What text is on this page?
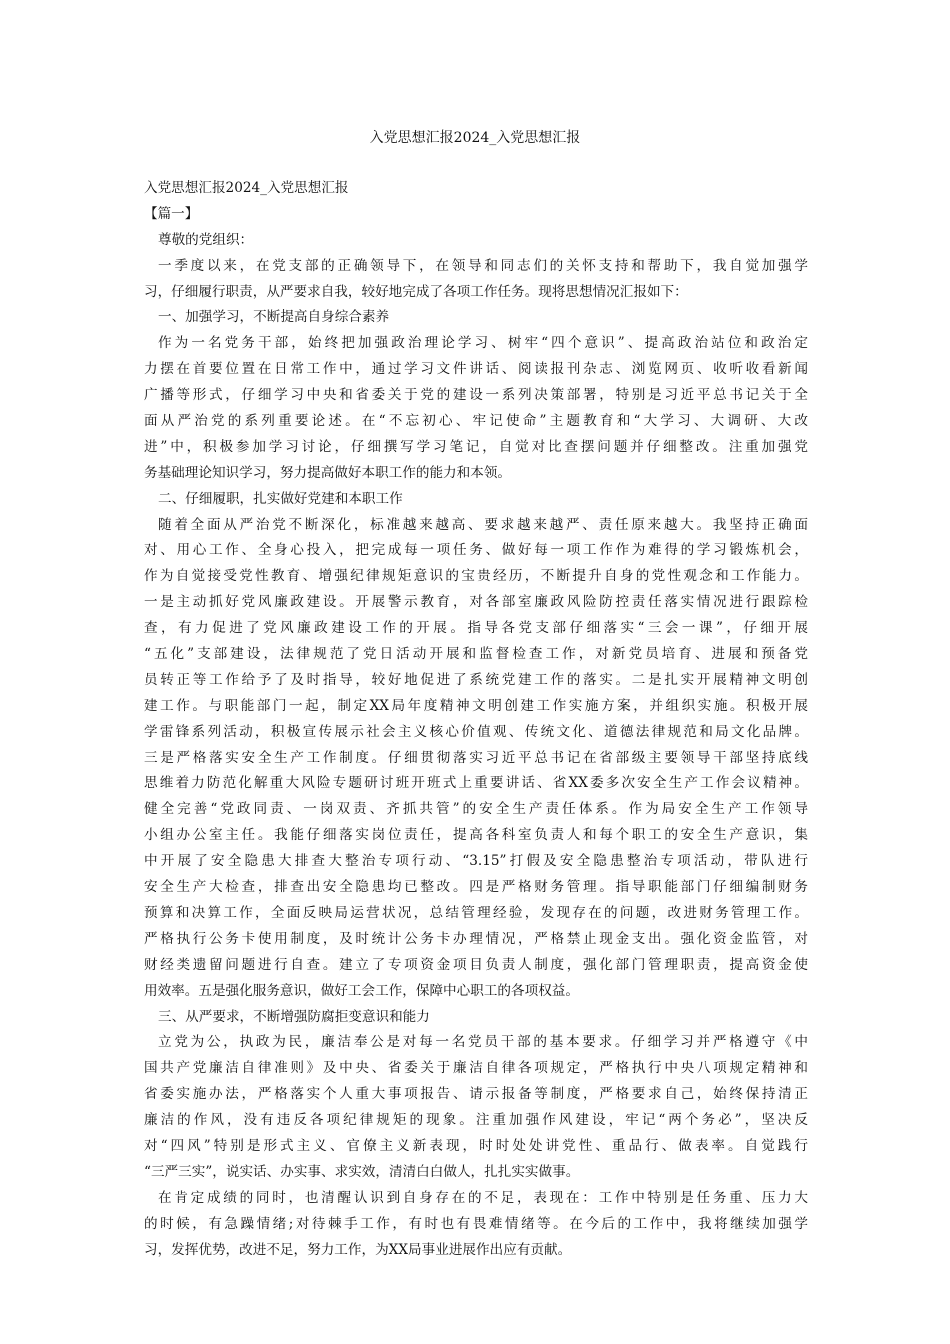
入党思想汇报2024_入党思想汇报
入党思想汇报2024_入党思想汇报
【篇一】
尊敬的党组织：
一季度以来，在党支部的正确领导下，在领导和同志们的关怀支持和帮助下，我自觉加强学
习，仔细履行职责，从严要求自我，较好地完成了各项工作任务。现将思想情况汇报如下：
一、加强学习，不断提高自身综合素养
作为一名党务干部，始终把加强政治理论学习、树牢“四个意识”、提高政治站位和政治定
力摆在首要位置在日常工作中，通过学习文件讲话、阅读报刊杂志、浏览网页、收听收看新闻
广播等形式，仔细学习中央和省委关于党的建设一系列决策部署，特别是习近平总书记关于全
面从严治党的系列重要论述。在“不忘初心、牢记使命”主题教育和“大学习、大调研、大改
进”中，积极参加学习讨论，仔细撰写学习笔记，自觉对比查摆问题并仔细整改。注重加强党
务基础理论知识学习，努力提高做好本职工作的能力和本领。
二、仔细履职，扎实做好党建和本职工作
随着全面从严治党不断深化，标准越来越高、要求越来越严、责任原来越大。我坚持正确面
对、用心工作、全身心投入，把完成每一项任务、做好每一项工作作为难得的学习锻炼机会，
作为自觉接受党性教育、增强纪律规矩意识的宝贵经历，不断提升自身的党性观念和工作能力。
一是主动抓好党风廉政建设。开展警示教育，对各部室廉政风险防控责任落实情况进行跟踪检
查，有力促进了党风廉政建设工作的开展。指导各党支部仔细落实“三会一课”，仔细开展
“五化”支部建设，法律规范了党日活动开展和监督检查工作，对新党员培育、进展和预备党
员转正等工作给予了及时指导，较好地促进了系统党建工作的落实。二是扎实开展精神文明创
建工作。与职能部门一起，制定XX局年度精神文明创建工作实施方案，并组织实施。积极开展
学雷锋系列活动，积极宣传展示社会主义核心价值观、传统文化、道德法律规范和局文化品牌。
三是严格落实安全生产工作制度。仔细贯彻落实习近平总书记在省部级主要领导干部坚持底线
思维着力防范化解重大风险专题研讨班开班式上重要讲话、省XX委多次安全生产工作会议精神。
健全完善“党政同责、一岗双责、齐抓共管”的安全生产责任体系。作为局安全生产工作领导
小组办公室主任。我能仔细落实岗位责任，提高各科室负责人和每个职工的安全生产意识，集
中开展了安全隐患大排查大整治专项行动、“3.15”打假及安全隐患整治专项活动，带队进行
安全生产大检查，排查出安全隐患均已整改。四是严格财务管理。指导职能部门仔细编制财务
预算和决算工作，全面反映局运营状况，总结管理经验，发现存在的问题，改进财务管理工作。
严格执行公务卡使用制度，及时统计公务卡办理情况，严格禁止现金支出。强化资金监管，对
财经类遗留问题进行自查。建立了专项资金项目负责人制度，强化部门管理职责，提高资金使
用效率。五是强化服务意识，做好工会工作，保障中心职工的各项权益。
三、从严要求，不断增强防腐拒变意识和能力
立党为公，执政为民，廉洁奉公是对每一名党员干部的基本要求。仔细学习并严格遵守《中
国共产党廉洁自律准则》及中央、省委关于廉洁自律各项规定，严格执行中央八项规定精神和
省委实施办法，严格落实个人重大事项报告、请示报备等制度，严格要求自己，始终保持清正
廉洁的作风，没有违反各项纪律规矩的现象。注重加强作风建设，牢记“两个务必”，坚决反
对“四风”特别是形式主义、官僚主义新表现，时时处处讲党性、重品行、做表率。自觉践行
“三严三实”，说实话、办实事、求实效，清清白白做人，扎扎实实做事。
在肯定成绩的同时，也清醒认识到自身存在的不足，表现在：工作中特别是任务重、压力大
的时候，有急躁情绪;对待棘手工作，有时也有畏难情绪等。在今后的工作中，我将继续加强学
习，发挥优势，改进不足，努力工作，为XX局事业进展作出应有贡献。
